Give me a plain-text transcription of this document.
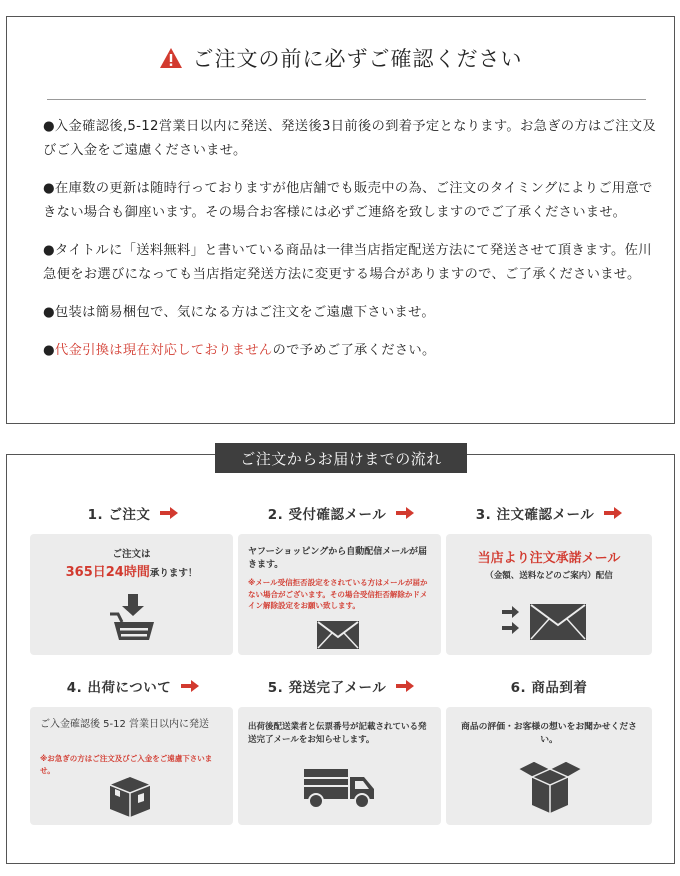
ご注文の前に必ずご確認ください

●入金確認後,5-12営業日以内に発送、発送後3日前後の到着予定となります。お急ぎの方はご注文及びご入金をご遠慮くださいませ。

●在庫数の更新は随時行っておりますが他店舗でも販売中の為、ご注文のタイミングによりご用意できない場合も御座います。その場合お客様には必ずご連絡を致しますのでご了承くださいませ。

●タイトルに「送料無料」と書いている商品は一律当店指定配送方法にて発送させて頂きます。佐川急便をお選びになっても当店指定発送方法に変更する場合がありますので、ご了承くださいませ。

●包装は簡易梱包で、気になる方はご注文をご遠慮下さいませ。

●代金引換は現在対応しておりませんので予めご了承ください。

ご注文からお届けまでの流れ
1. ご注文	2. 受付確認メール	3. 注文確認メール
ご注文は
365日24時間承ります！
ヤフーショッピングから自動配信メールが届きます。
※メール受信拒否設定をされている方はメールが届かない場合がございます。その場合受信拒否解除かドメイン解除設定をお願い致します。
当店より注文承諾メール
（金額、送料などのご案内）配信
4. 出荷について	5. 発送完了メール	6. 商品到着
ご入金確認後 5-12 営業日以内に発送
※お急ぎの方はご注文及びご入金をご遠慮下さいませ。
出荷後配送業者と伝票番号が記載されている発送完了メールをお知らせします。
商品の評価・お客様の想いをお聞かせください。
